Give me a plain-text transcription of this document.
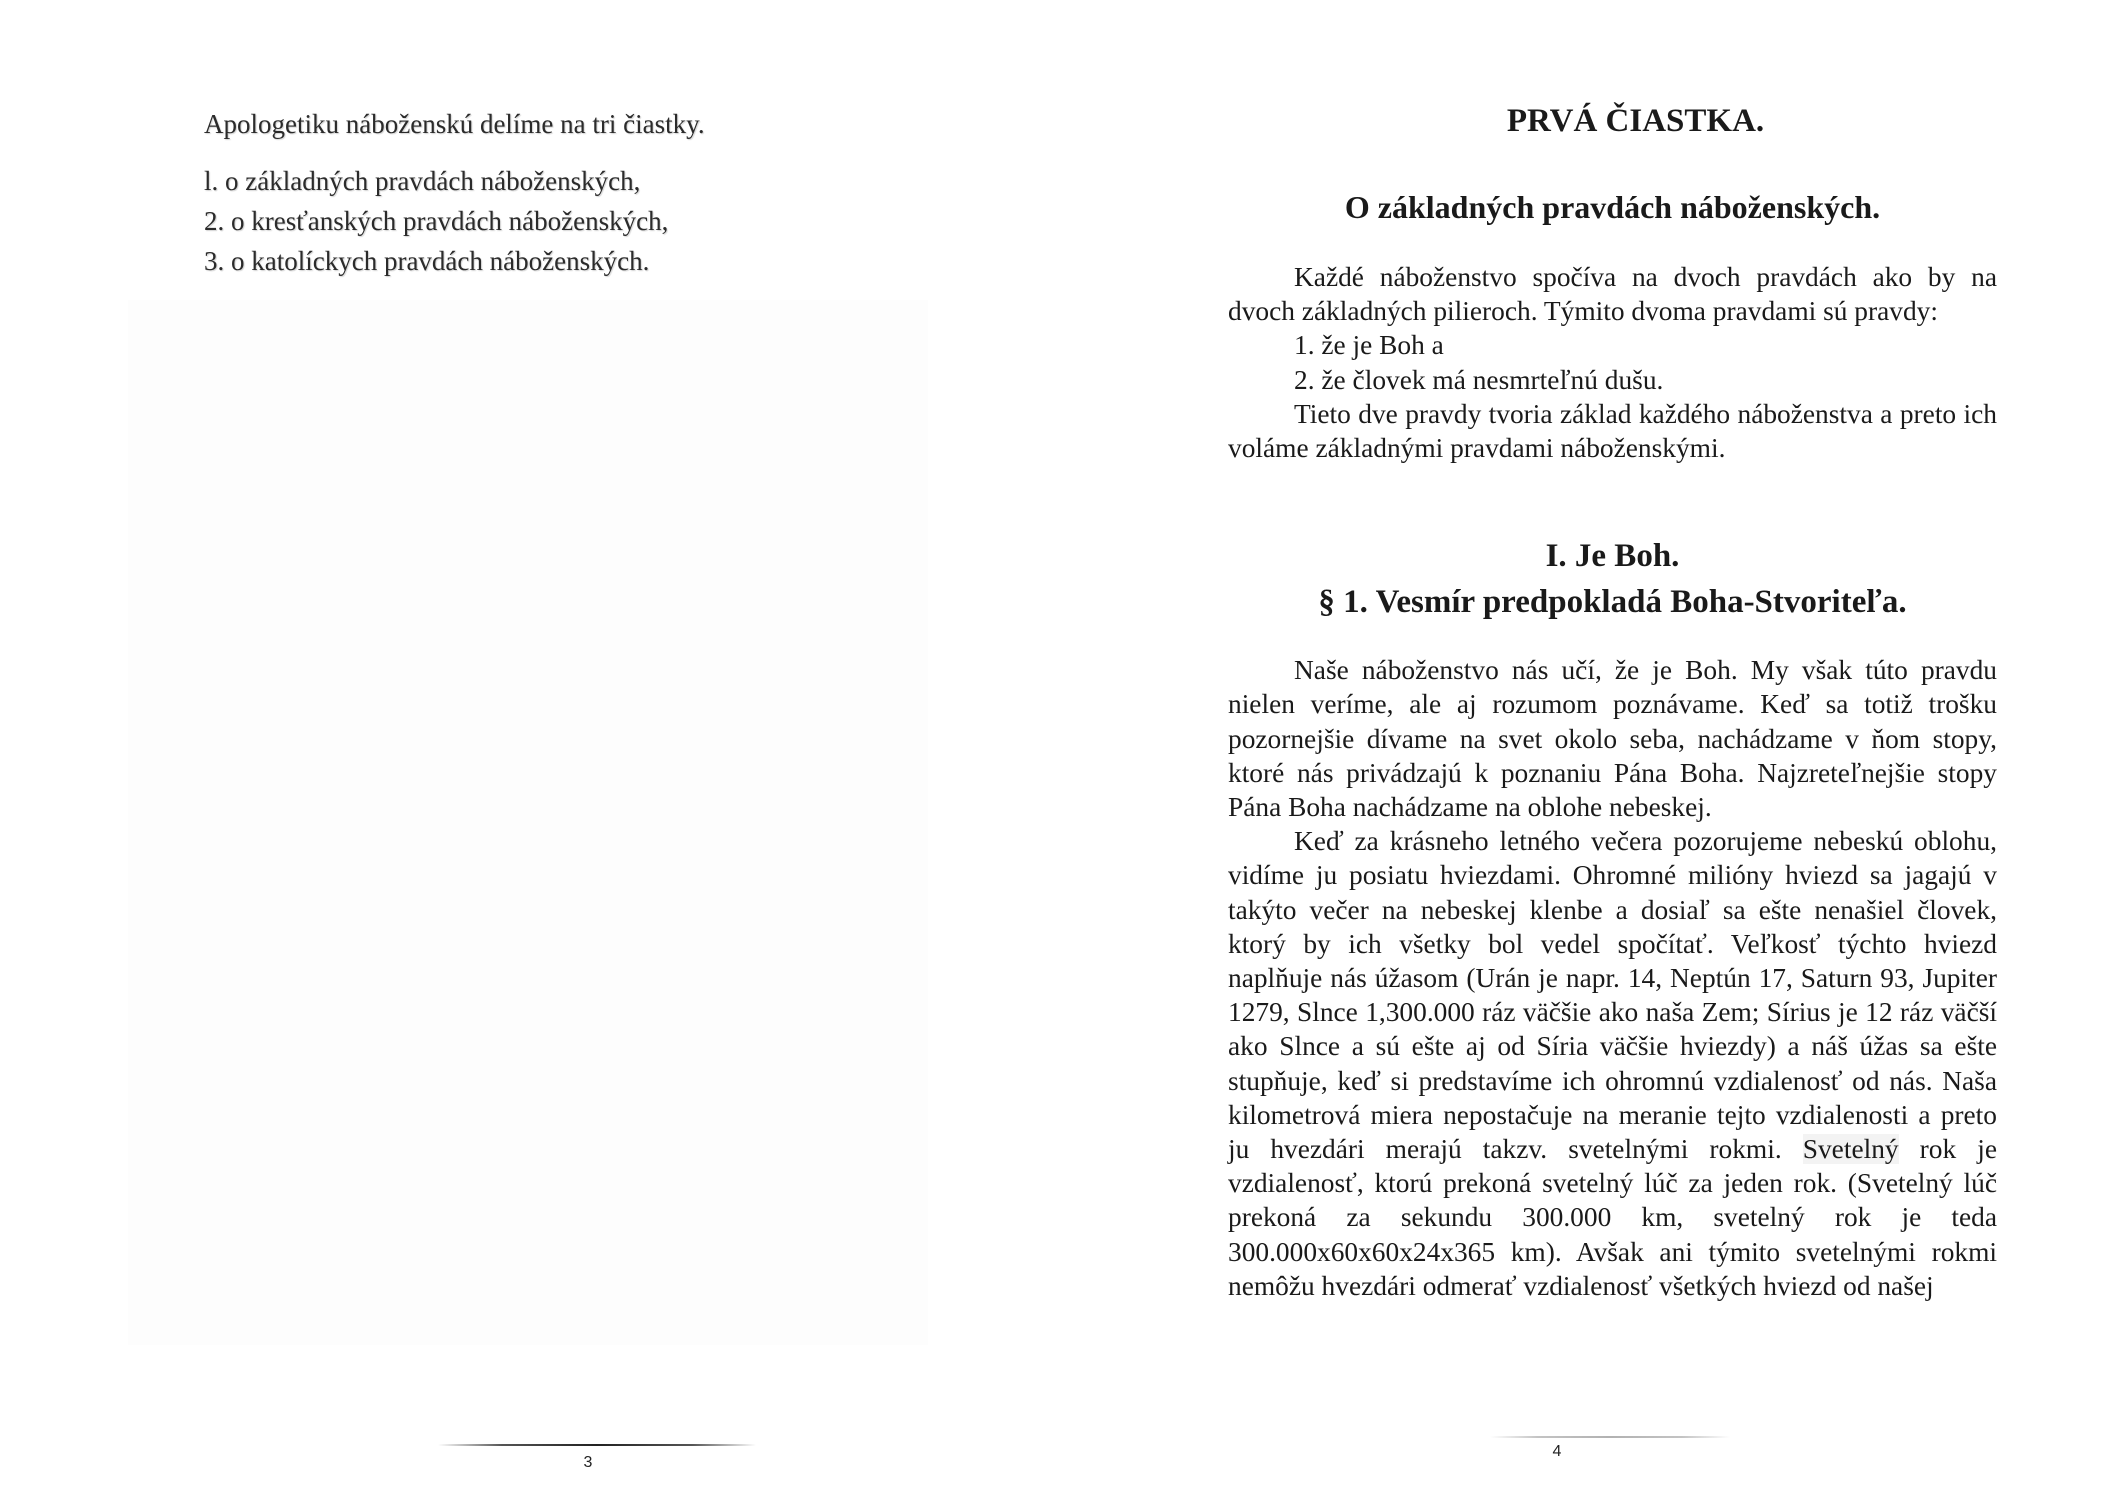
Apologetiku náboženskú delíme na tri čiastky.

l. o základných pravdách náboženských,
2. o kresťanských pravdách náboženských,
3. o katolíckych pravdách náboženských.
3
PRVÁ ČIASTKA.
O základných pravdách náboženských.

Každé náboženstvo spočíva na dvoch pravdách ako by na dvoch základných pilieroch. Týmito dvoma pravdami sú pravdy:

1. že je Boh a

2. že človek má nesmrteľnú dušu.

Tieto dve pravdy tvoria základ každého náboženstva a preto ich voláme základnými pravdami náboženskými.

I. Je Boh.
§ 1. Vesmír predpokladá Boha-Stvoriteľa.

Naše náboženstvo nás učí, že je Boh. My však túto pravdu nielen veríme, ale aj rozumom poznávame. Keď sa totiž trošku pozornejšie dívame na svet okolo seba, nachádzame v ňom stopy, ktoré nás privádzajú k poznaniu Pána Boha. Najzreteľnejšie stopy Pána Boha nachádzame na oblohe nebeskej.

Keď za krásneho letného večera pozorujeme nebeskú oblohu, vidíme ju posiatu hviezdami. Ohromné milióny hviezd sa jagajú v takýto večer na nebeskej klenbe a dosiaľ sa ešte nenašiel človek, ktorý by ich všetky bol vedel spočítať. Veľkosť týchto hviezd naplňuje nás úžasom (Urán je napr. 14, Neptún 17, Saturn 93, Jupiter 1279, Slnce 1,300.000 ráz väčšie ako naša Zem; Sírius je 12 ráz väčší ako Slnce a sú ešte aj od Síria väčšie hviezdy) a náš úžas sa ešte stupňuje, keď si predstavíme ich ohromnú vzdialenosť od nás. Naša kilometrová miera nepostačuje na meranie tejto vzdialenosti a preto ju hvezdári merajú takzv. svetelnými rokmi. Svetelný rok je vzdialenosť, ktorú prekoná svetelný lúč za jeden rok. (Svetelný lúč prekoná za sekundu 300.000 km, svetelný rok je teda 300.000x60x60x24x365 km). Avšak ani týmito svetelnými rokmi nemôžu hvezdári odmerať vzdialenosť všetkých hviezd od našej

4
